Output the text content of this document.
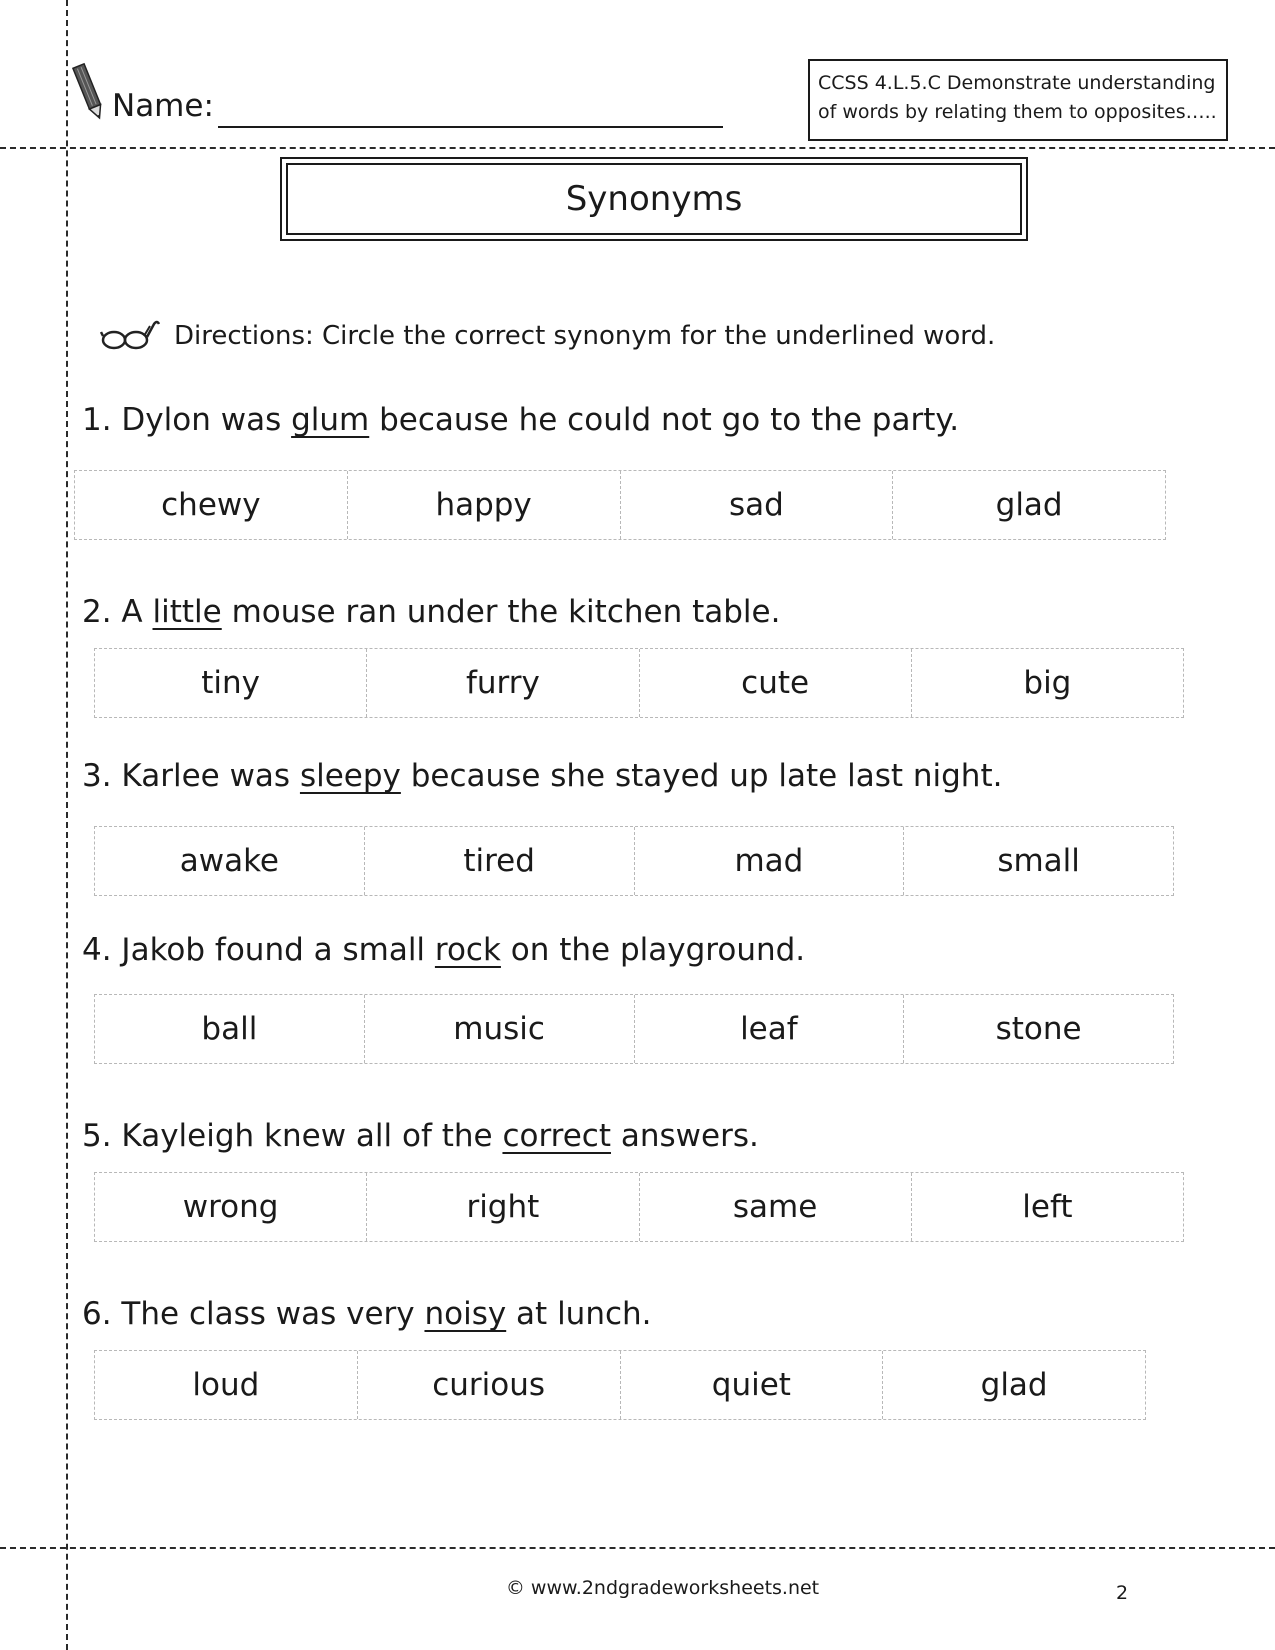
Name:
CCSS 4.L.5.C Demonstrate understanding
of words by relating them to opposites…..
Synonyms
Directions: Circle the correct synonym for the underlined word.
1. Dylon was glum because he could not go to the party.
chewy	happy	sad	glad
2. A little mouse ran under the kitchen table.
tiny	furry	cute	big
3. Karlee was sleepy because she stayed up late last night.
awake	tired	mad	small
4. Jakob found a small rock on the playground.
ball	music	leaf	stone
5. Kayleigh knew all of the correct answers.
wrong	right	same	left
6. The class was very noisy at lunch.
loud	curious	quiet	glad
© www.2ndgradeworksheets.net	2
